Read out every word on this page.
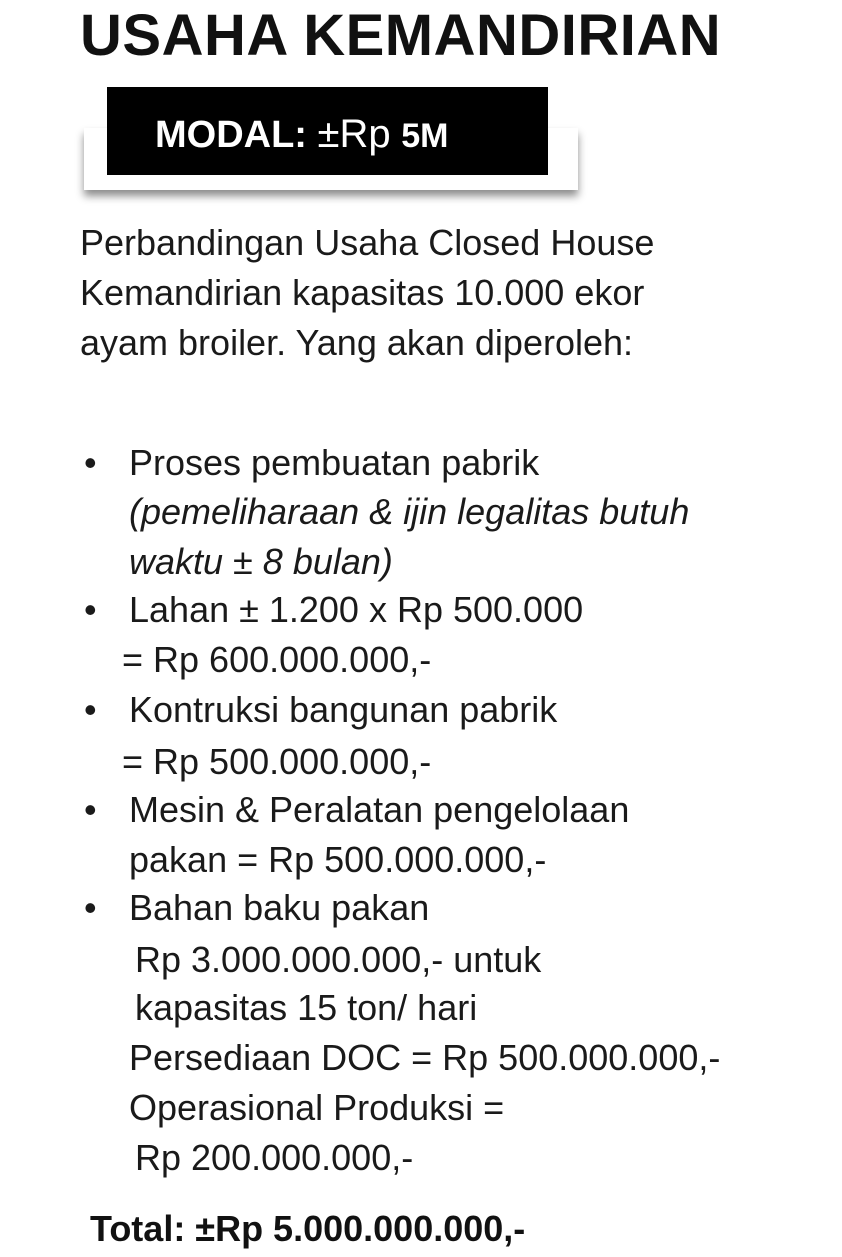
USAHA KEMANDIRIAN
MODAL: ±Rp 5M
Perbandingan Usaha Closed House
Kemandirian kapasitas 10.000 ekor
ayam broiler. Yang akan diperoleh:
•
•
•
•
•
Proses pembuatan pabrik
(pemeliharaan & ijin legalitas butuh
waktu ± 8 bulan)
Lahan ± 1.200 x Rp 500.000
= Rp 600.000.000,-
Kontruksi bangunan pabrik
= Rp 500.000.000,-
Mesin & Peralatan pengelolaan
pakan = Rp 500.000.000,-
Bahan baku pakan
Rp 3.000.000.000,- untuk
kapasitas 15 ton/ hari
Persediaan DOC = Rp 500.000.000,-
Operasional Produksi =
Rp 200.000.000,-
Total: ±Rp 5.000.000.000,-
